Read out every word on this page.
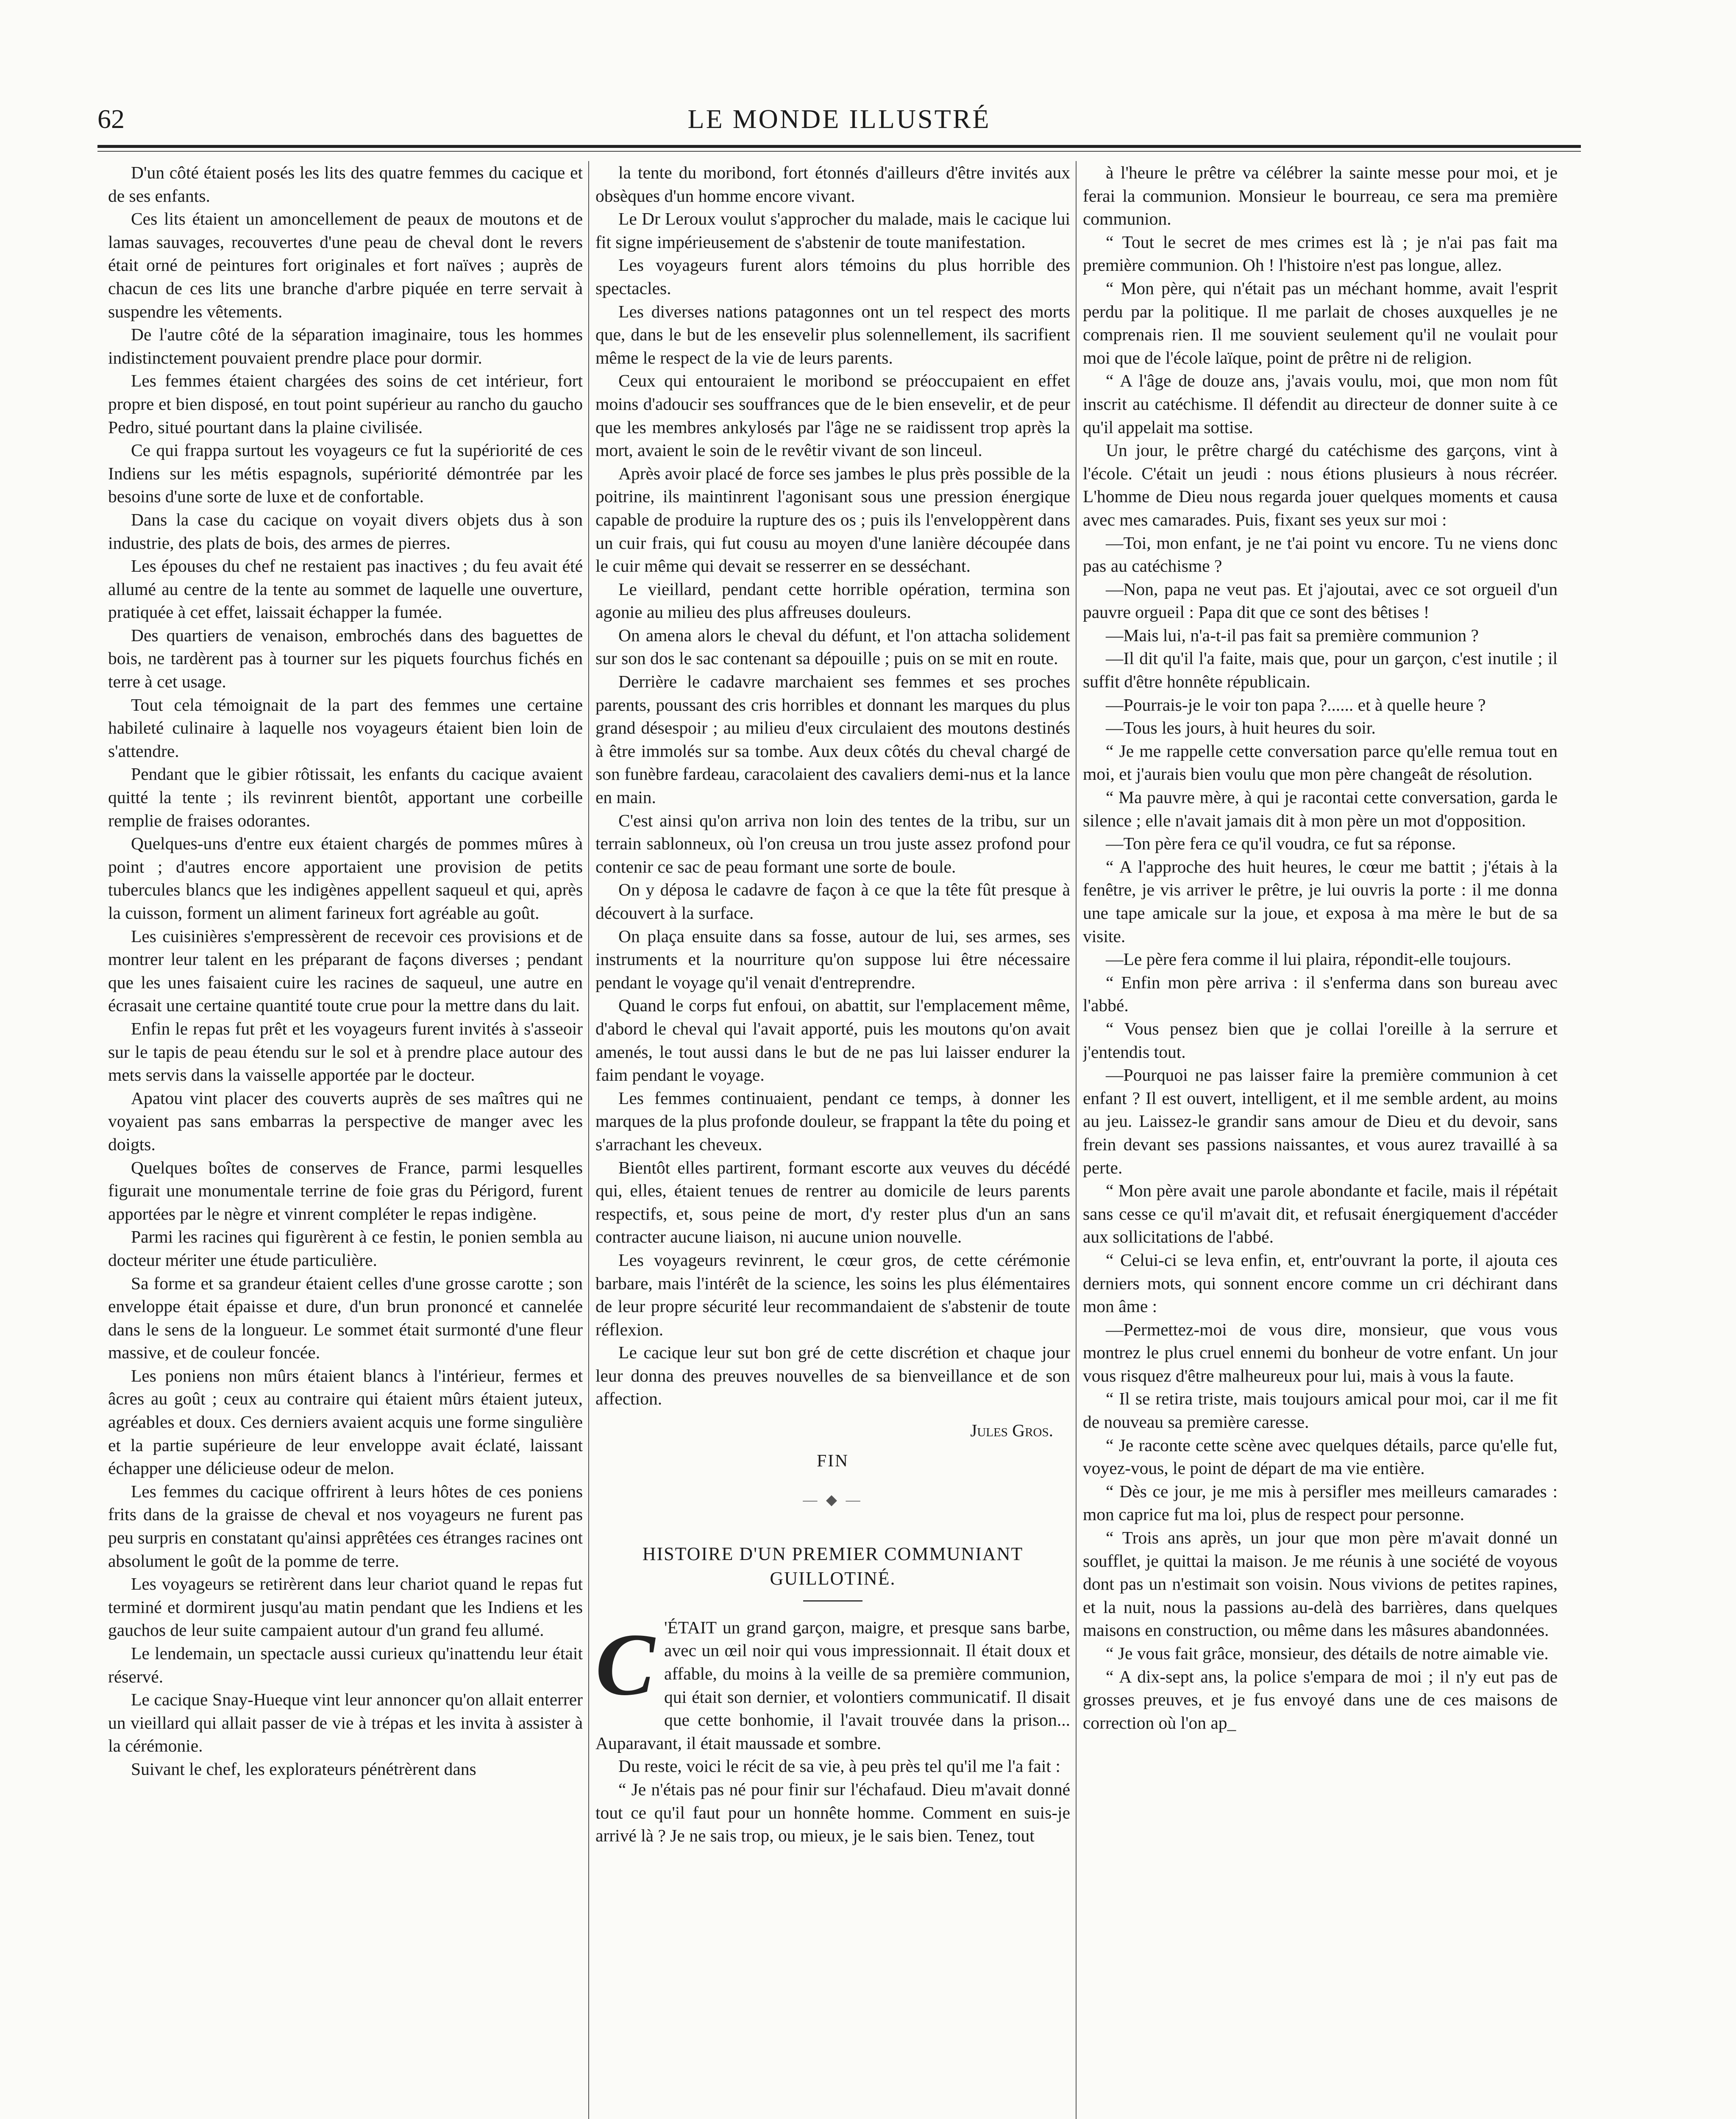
62	LE MONDE ILLUSTRÉ

D'un côté étaient posés les lits des quatre femmes du cacique et de ses enfants.

Ces lits étaient un amoncellement de peaux de moutons et de lamas sauvages, recouvertes d'une peau de cheval dont le revers était orné de peintures fort originales et fort naïves ; auprès de chacun de ces lits une branche d'arbre piquée en terre servait à suspendre les vêtements.

De l'autre côté de la séparation imaginaire, tous les hommes indistinctement pouvaient prendre place pour dormir.

Les femmes étaient chargées des soins de cet intérieur, fort propre et bien disposé, en tout point supérieur au rancho du gaucho Pedro, situé pourtant dans la plaine civilisée.

Ce qui frappa surtout les voyageurs ce fut la supériorité de ces Indiens sur les métis espagnols, supériorité démontrée par les besoins d'une sorte de luxe et de confortable.

Dans la case du cacique on voyait divers objets dus à son industrie, des plats de bois, des armes de pierres.

Les épouses du chef ne restaient pas inactives ; du feu avait été allumé au centre de la tente au sommet de laquelle une ouverture, pratiquée à cet effet, laissait échapper la fumée.

Des quartiers de venaison, embrochés dans des baguettes de bois, ne tardèrent pas à tourner sur les piquets fourchus fichés en terre à cet usage.

Tout cela témoignait de la part des femmes une certaine habileté culinaire à laquelle nos voyageurs étaient bien loin de s'attendre.

Pendant que le gibier rôtissait, les enfants du cacique avaient quitté la tente ; ils revinrent bientôt, apportant une corbeille remplie de fraises odorantes.

Quelques-uns d'entre eux étaient chargés de pommes mûres à point ; d'autres encore apportaient une provision de petits tubercules blancs que les indigènes appellent saqueul et qui, après la cuisson, forment un aliment farineux fort agréable au goût.

Les cuisinières s'empressèrent de recevoir ces provisions et de montrer leur talent en les préparant de façons diverses ; pendant que les unes faisaient cuire les racines de saqueul, une autre en écrasait une certaine quantité toute crue pour la mettre dans du lait.

Enfin le repas fut prêt et les voyageurs furent invités à s'asseoir sur le tapis de peau étendu sur le sol et à prendre place autour des mets servis dans la vaisselle apportée par le docteur.

Apatou vint placer des couverts auprès de ses maîtres qui ne voyaient pas sans embarras la perspective de manger avec les doigts.

Quelques boîtes de conserves de France, parmi lesquelles figurait une monumentale terrine de foie gras du Périgord, furent apportées par le nègre et vinrent compléter le repas indigène.

Parmi les racines qui figurèrent à ce festin, le ponien sembla au docteur mériter une étude particulière.

Sa forme et sa grandeur étaient celles d'une grosse carotte ; son enveloppe était épaisse et dure, d'un brun prononcé et cannelée dans le sens de la longueur. Le sommet était surmonté d'une fleur massive, et de couleur foncée.

Les poniens non mûrs étaient blancs à l'intérieur, fermes et âcres au goût ; ceux au contraire qui étaient mûrs étaient juteux, agréables et doux. Ces derniers avaient acquis une forme singulière et la partie supérieure de leur enveloppe avait éclaté, laissant échapper une délicieuse odeur de melon.

Les femmes du cacique offrirent à leurs hôtes de ces poniens frits dans de la graisse de cheval et nos voyageurs ne furent pas peu surpris en constatant qu'ainsi apprêtées ces étranges racines ont absolument le goût de la pomme de terre.

Les voyageurs se retirèrent dans leur chariot quand le repas fut terminé et dormirent jusqu'au matin pendant que les Indiens et les gauchos de leur suite campaient autour d'un grand feu allumé.

Le lendemain, un spectacle aussi curieux qu'inattendu leur était réservé.

Le cacique Snay-Hueque vint leur annoncer qu'on allait enterrer un vieillard qui allait passer de vie à trépas et les invita à assister à la cérémonie.

Suivant le chef, les explorateurs pénétrèrent dans

la tente du moribond, fort étonnés d'ailleurs d'être invités aux obsèques d'un homme encore vivant.

Le Dr Leroux voulut s'approcher du malade, mais le cacique lui fit signe impérieusement de s'abstenir de toute manifestation.

Les voyageurs furent alors témoins du plus horrible des spectacles.

Les diverses nations patagonnes ont un tel respect des morts que, dans le but de les ensevelir plus solennellement, ils sacrifient même le respect de la vie de leurs parents.

Ceux qui entouraient le moribond se préoccupaient en effet moins d'adoucir ses souffrances que de le bien ensevelir, et de peur que les membres ankylosés par l'âge ne se raidissent trop après la mort, avaient le soin de le revêtir vivant de son linceul.

Après avoir placé de force ses jambes le plus près possible de la poitrine, ils maintinrent l'agonisant sous une pression énergique capable de produire la rupture des os ; puis ils l'enveloppèrent dans un cuir frais, qui fut cousu au moyen d'une lanière découpée dans le cuir même qui devait se resserrer en se desséchant.

Le vieillard, pendant cette horrible opération, termina son agonie au milieu des plus affreuses douleurs.

On amena alors le cheval du défunt, et l'on attacha solidement sur son dos le sac contenant sa dépouille ; puis on se mit en route.

Derrière le cadavre marchaient ses femmes et ses proches parents, poussant des cris horribles et donnant les marques du plus grand désespoir ; au milieu d'eux circulaient des moutons destinés à être immolés sur sa tombe. Aux deux côtés du cheval chargé de son funèbre fardeau, caracolaient des cavaliers demi-nus et la lance en main.

C'est ainsi qu'on arriva non loin des tentes de la tribu, sur un terrain sablonneux, où l'on creusa un trou juste assez profond pour contenir ce sac de peau formant une sorte de boule.

On y déposa le cadavre de façon à ce que la tête fût presque à découvert à la surface.

On plaça ensuite dans sa fosse, autour de lui, ses armes, ses instruments et la nourriture qu'on suppose lui être nécessaire pendant le voyage qu'il venait d'entreprendre.

Quand le corps fut enfoui, on abattit, sur l'emplacement même, d'abord le cheval qui l'avait apporté, puis les moutons qu'on avait amenés, le tout aussi dans le but de ne pas lui laisser endurer la faim pendant le voyage.

Les femmes continuaient, pendant ce temps, à donner les marques de la plus profonde douleur, se frappant la tête du poing et s'arrachant les cheveux.

Bientôt elles partirent, formant escorte aux veuves du décédé qui, elles, étaient tenues de rentrer au domicile de leurs parents respectifs, et, sous peine de mort, d'y rester plus d'un an sans contracter aucune liaison, ni aucune union nouvelle.

Les voyageurs revinrent, le cœur gros, de cette cérémonie barbare, mais l'intérêt de la science, les soins les plus élémentaires de leur propre sécurité leur recommandaient de s'abstenir de toute réflexion.

Le cacique leur sut bon gré de cette discrétion et chaque jour leur donna des preuves nouvelles de sa bienveillance et de son affection.

Jules Gros.
FIN
— ◆ —
HISTOIRE D'UN PREMIER COMMUNIANT GUILLOTINÉ.
C 'ÉTAIT un grand garçon, maigre, et presque sans barbe, avec un œil noir qui vous impressionnait. Il était doux et affable, du moins à la veille de sa première communion, qui était son dernier, et volontiers communicatif. Il disait que cette bonhomie, il l'avait trouvée dans la prison... Auparavant, il était maussade et sombre.

Du reste, voici le récit de sa vie, à peu près tel qu'il me l'a fait :

“ Je n'étais pas né pour finir sur l'échafaud. Dieu m'avait donné tout ce qu'il faut pour un honnête homme. Comment en suis-je arrivé là ? Je ne sais trop, ou mieux, je le sais bien. Tenez, tout

à l'heure le prêtre va célébrer la sainte messe pour moi, et je ferai la communion. Monsieur le bourreau, ce sera ma première communion.

“ Tout le secret de mes crimes est là ; je n'ai pas fait ma première communion. Oh ! l'histoire n'est pas longue, allez.

“ Mon père, qui n'était pas un méchant homme, avait l'esprit perdu par la politique. Il me parlait de choses auxquelles je ne comprenais rien. Il me souvient seulement qu'il ne voulait pour moi que de l'école laïque, point de prêtre ni de religion.

“ A l'âge de douze ans, j'avais voulu, moi, que mon nom fût inscrit au catéchisme. Il défendit au directeur de donner suite à ce qu'il appelait ma sottise.

Un jour, le prêtre chargé du catéchisme des garçons, vint à l'école. C'était un jeudi : nous étions plusieurs à nous récréer. L'homme de Dieu nous regarda jouer quelques moments et causa avec mes camarades. Puis, fixant ses yeux sur moi :

—Toi, mon enfant, je ne t'ai point vu encore. Tu ne viens donc pas au catéchisme ?

—Non, papa ne veut pas. Et j'ajoutai, avec ce sot orgueil d'un pauvre orgueil : Papa dit que ce sont des bêtises !

—Mais lui, n'a-t-il pas fait sa première communion ?

—Il dit qu'il l'a faite, mais que, pour un garçon, c'est inutile ; il suffit d'être honnête républicain.

—Pourrais-je le voir ton papa ?...... et à quelle heure ?

—Tous les jours, à huit heures du soir.

“ Je me rappelle cette conversation parce qu'elle remua tout en moi, et j'aurais bien voulu que mon père changeât de résolution.

“ Ma pauvre mère, à qui je racontai cette conversation, garda le silence ; elle n'avait jamais dit à mon père un mot d'opposition.

—Ton père fera ce qu'il voudra, ce fut sa réponse.

“ A l'approche des huit heures, le cœur me battit ; j'étais à la fenêtre, je vis arriver le prêtre, je lui ouvris la porte : il me donna une tape amicale sur la joue, et exposa à ma mère le but de sa visite.

—Le père fera comme il lui plaira, répondit-elle toujours.

“ Enfin mon père arriva : il s'enferma dans son bureau avec l'abbé.

“ Vous pensez bien que je collai l'oreille à la serrure et j'entendis tout.

—Pourquoi ne pas laisser faire la première communion à cet enfant ? Il est ouvert, intelligent, et il me semble ardent, au moins au jeu. Laissez-le grandir sans amour de Dieu et du devoir, sans frein devant ses passions naissantes, et vous aurez travaillé à sa perte.

“ Mon père avait une parole abondante et facile, mais il répétait sans cesse ce qu'il m'avait dit, et refusait énergiquement d'accéder aux sollicitations de l'abbé.

“ Celui-ci se leva enfin, et, entr'ouvrant la porte, il ajouta ces derniers mots, qui sonnent encore comme un cri déchirant dans mon âme :

—Permettez-moi de vous dire, monsieur, que vous vous montrez le plus cruel ennemi du bonheur de votre enfant. Un jour vous risquez d'être malheureux pour lui, mais à vous la faute.

“ Il se retira triste, mais toujours amical pour moi, car il me fit de nouveau sa première caresse.

“ Je raconte cette scène avec quelques détails, parce qu'elle fut, voyez-vous, le point de départ de ma vie entière.

“ Dès ce jour, je me mis à persifler mes meilleurs camarades : mon caprice fut ma loi, plus de respect pour personne.

“ Trois ans après, un jour que mon père m'avait donné un soufflet, je quittai la maison. Je me réunis à une société de voyous dont pas un n'estimait son voisin. Nous vivions de petites rapines, et la nuit, nous la passions au-delà des barrières, dans quelques maisons en construction, ou même dans les mâsures abandonnées.

“ Je vous fait grâce, monsieur, des détails de notre aimable vie.

“ A dix-sept ans, la police s'empara de moi ; il n'y eut pas de grosses preuves, et je fus envoyé dans une de ces maisons de correction où l'on ap_
